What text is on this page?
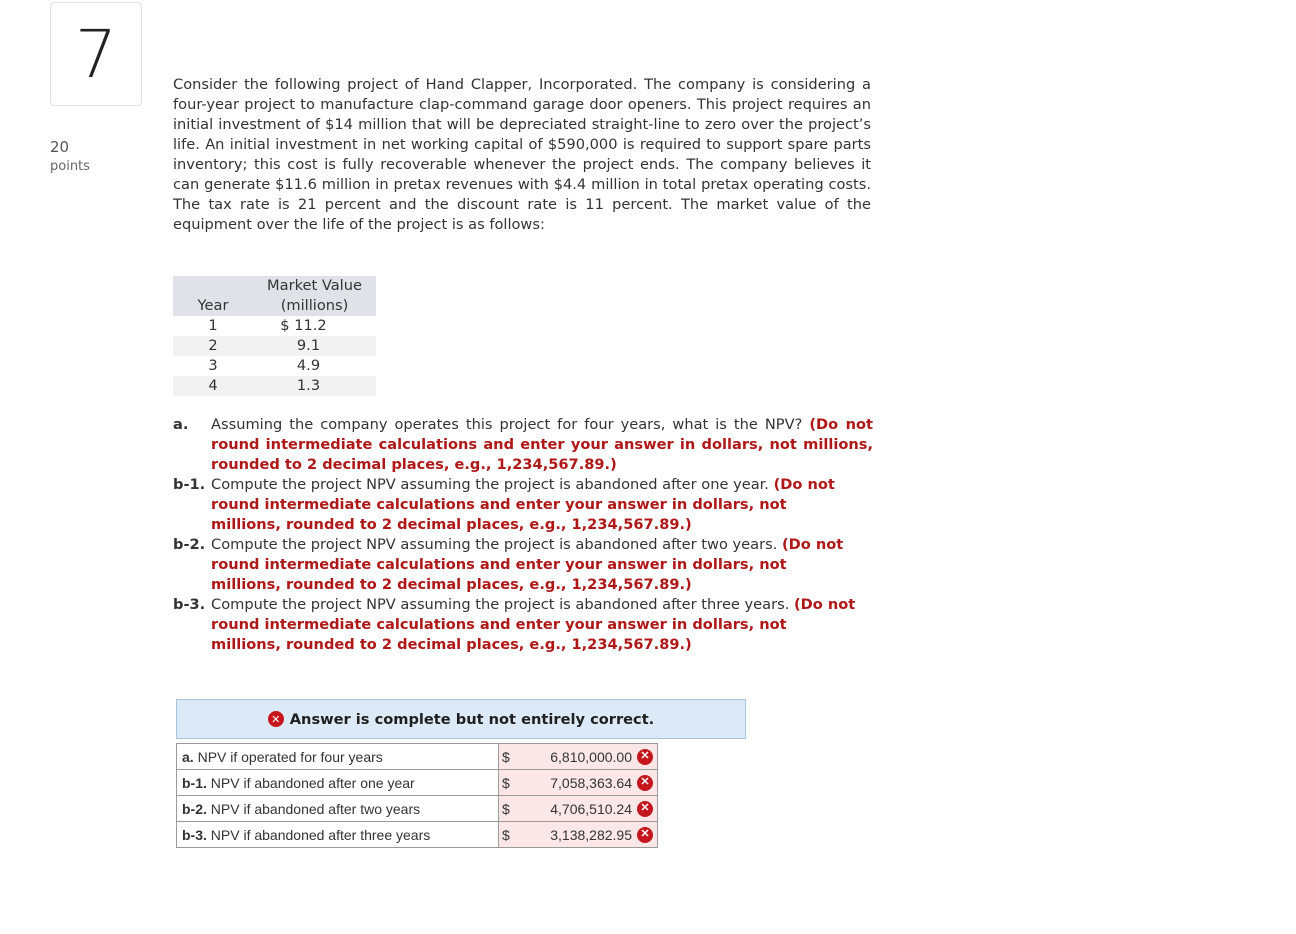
7
20
points

Consider the following project of Hand Clapper, Incorporated. The company is considering a four-year project to manufacture clap-command garage door openers. This project requires an initial investment of $14 million that will be depreciated straight-line to zero over the project’s life. An initial investment in net working capital of $590,000 is required to support spare parts inventory; this cost is fully recoverable whenever the project ends. The company believes it can generate $11.6 million in pretax revenues with $4.4 million in total pretax operating costs. The tax rate is 21 percent and the discount rate is 11 percent. The market value of the equipment over the life of the project is as follows:

Year	Market Value
	(millions)
1	$ 11.2
2	9.1
3	4.9
4	1.3
a. Assuming the company operates this project for four years, what is the NPV? (Do not round intermediate calculations and enter your answer in dollars, not millions, rounded to 2 decimal places, e.g., 1,234,567.89.)
b-1. Compute the project NPV assuming the project is abandoned after one year. (Do not round intermediate calculations and enter your answer in dollars, not millions, rounded to 2 decimal places, e.g., 1,234,567.89.)
b-2. Compute the project NPV assuming the project is abandoned after two years. (Do not round intermediate calculations and enter your answer in dollars, not millions, rounded to 2 decimal places, e.g., 1,234,567.89.)
b-3. Compute the project NPV assuming the project is abandoned after three years. (Do not round intermediate calculations and enter your answer in dollars, not millions, rounded to 2 decimal places, e.g., 1,234,567.89.)
✕ Answer is complete but not entirely correct.
a. NPV if operated for four years	$ 6,810,000.00 ✕

b-1. NPV if abandoned after one year	$ 7,058,363.64 ✕

b-2. NPV if abandoned after two years	$ 4,706,510.24 ✕

b-3. NPV if abandoned after three years	$ 3,138,282.95 ✕
